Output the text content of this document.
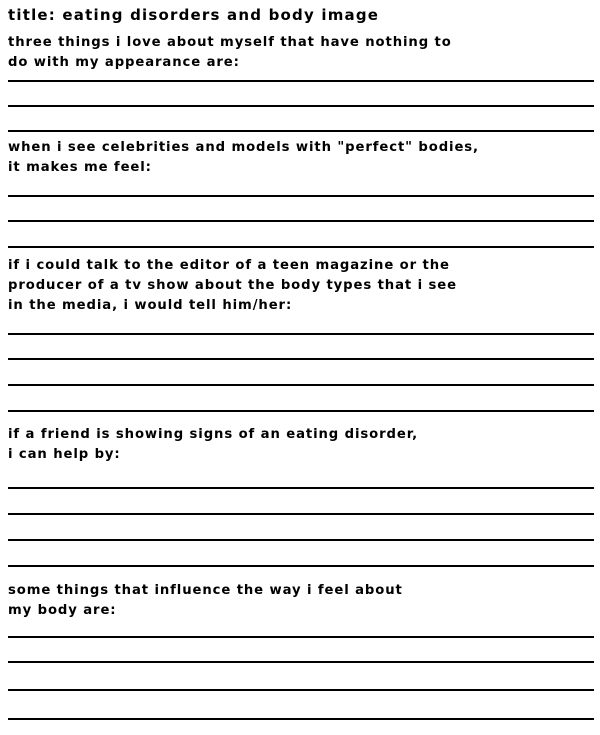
title: eating disorders and body image
three things i love about myself that have nothing to
do with my appearance are:
when i see celebrities and models with "perfect" bodies,
it makes me feel:
if i could talk to the editor of a teen magazine or the
producer of a tv show about the body types that i see
in the media, i would tell him/her:
if a friend is showing signs of an eating disorder,
i can help by:
some things that influence the way i feel about
my body are:
